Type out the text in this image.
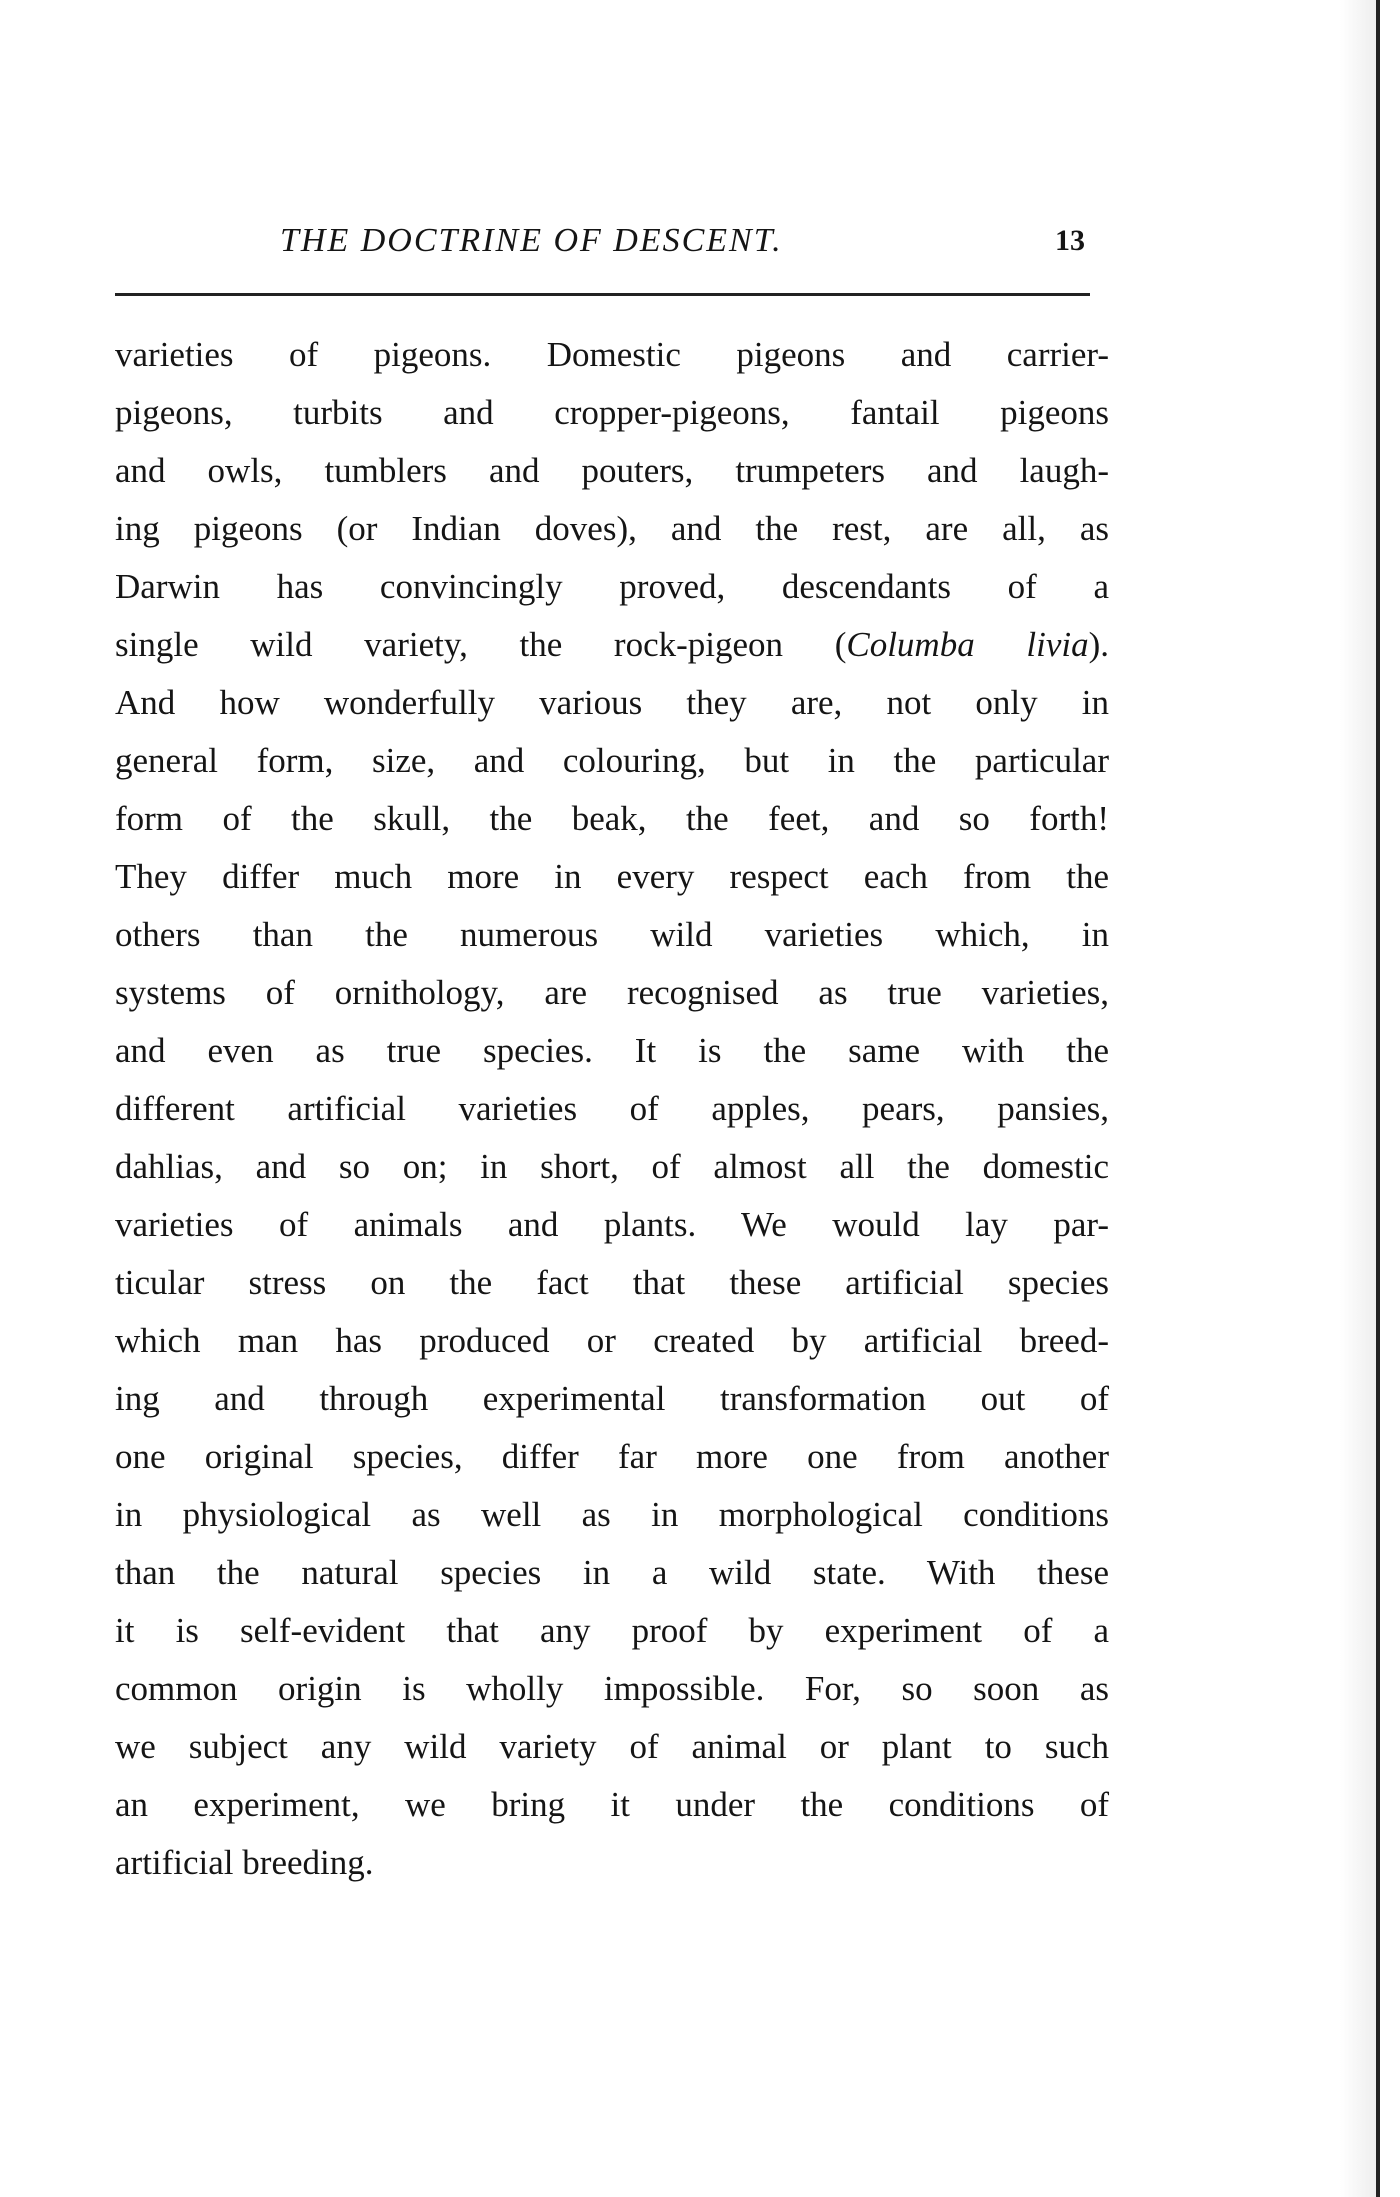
THE DOCTRINE OF DESCENT.	13
varieties of pigeons. Domestic pigeons and carrier-
pigeons, turbits and cropper-pigeons, fantail pigeons
and owls, tumblers and pouters, trumpeters and laugh-
ing pigeons (or Indian doves), and the rest, are all, as
Darwin has convincingly proved, descendants of a
single wild variety, the rock-pigeon (Columba livia).
And how wonderfully various they are, not only in
general form, size, and colouring, but in the particular
form of the skull, the beak, the feet, and so forth!
They differ much more in every respect each from the
others than the numerous wild varieties which, in
systems of ornithology, are recognised as true varieties,
and even as true species. It is the same with the
different artificial varieties of apples, pears, pansies,
dahlias, and so on; in short, of almost all the domestic
varieties of animals and plants. We would lay par-
ticular stress on the fact that these artificial species
which man has produced or created by artificial breed-
ing and through experimental transformation out of
one original species, differ far more one from another
in physiological as well as in morphological conditions
than the natural species in a wild state. With these
it is self-evident that any proof by experiment of a
common origin is wholly impossible. For, so soon as
we subject any wild variety of animal or plant to such
an experiment, we bring it under the conditions of
artificial breeding.
